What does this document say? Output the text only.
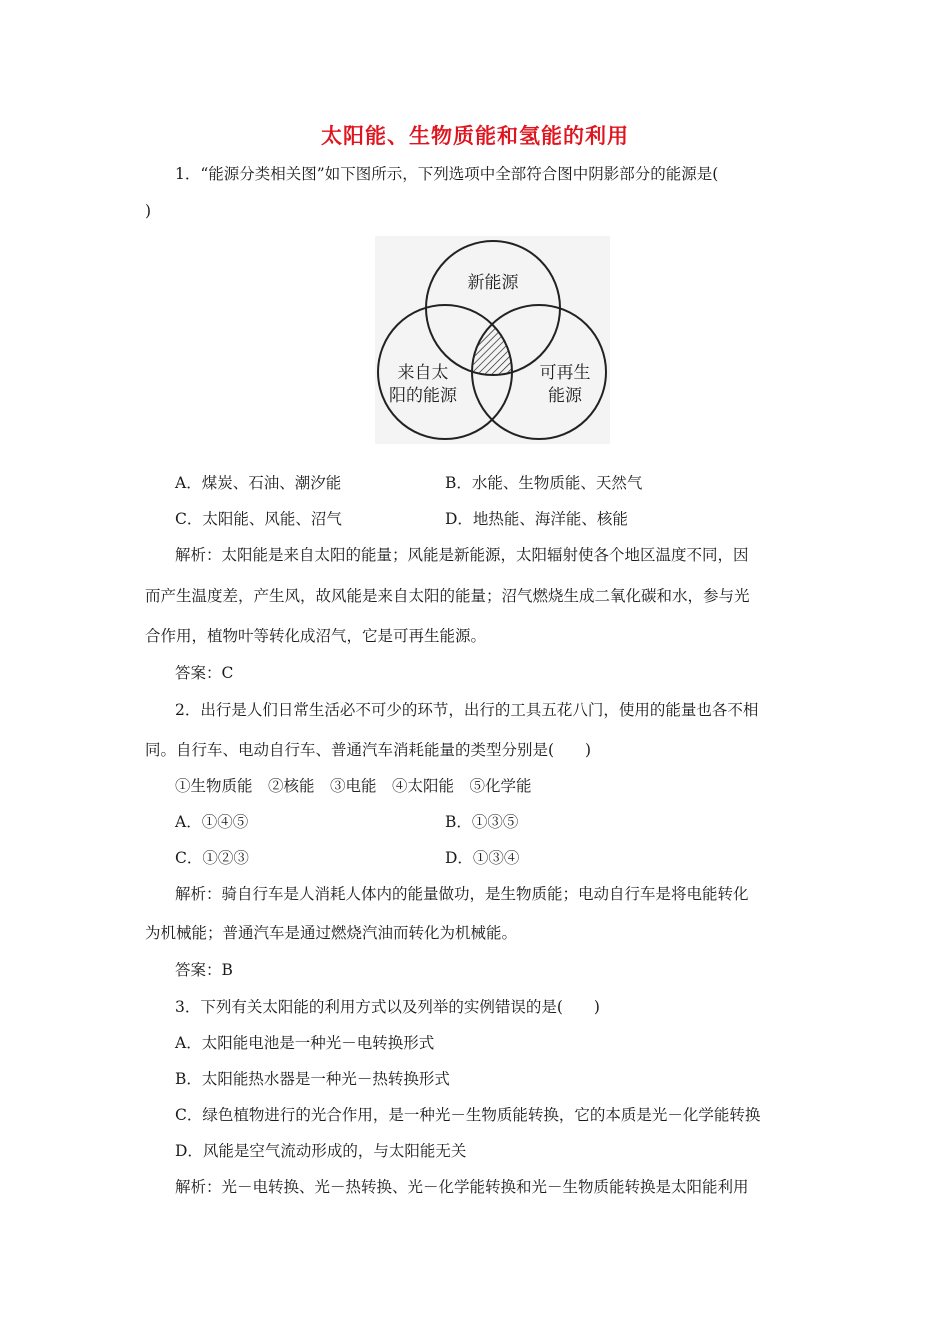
太阳能、生物质能和氢能的利用
1．“能源分类相关图”如下图所示，下列选项中全部符合图中阴影部分的能源是(
)
新能源
来自太
阳的能源
可再生
能源
A．煤炭、石油、潮汐能	B．水能、生物质能、天然气
C．太阳能、风能、沼气	D．地热能、海洋能、核能
解析：太阳能是来自太阳的能量；风能是新能源，太阳辐射使各个地区温度不同，因
而产生温度差，产生风，故风能是来自太阳的能量；沼气燃烧生成二氧化碳和水，参与光
合作用，植物叶等转化成沼气，它是可再生能源。
答案：C
2．出行是人们日常生活必不可少的环节，出行的工具五花八门，使用的能量也各不相
同。自行车、电动自行车、普通汽车消耗能量的类型分别是(　　)
①生物质能　②核能　③电能　④太阳能　⑤化学能
A．①④⑤	B．①③⑤
C．①②③	D．①③④
解析：骑自行车是人消耗人体内的能量做功，是生物质能；电动自行车是将电能转化
为机械能；普通汽车是通过燃烧汽油而转化为机械能。
答案：B
3．下列有关太阳能的利用方式以及列举的实例错误的是(　　)
A．太阳能电池是一种光－电转换形式
B．太阳能热水器是一种光－热转换形式
C．绿色植物进行的光合作用，是一种光－生物质能转换，它的本质是光－化学能转换
D．风能是空气流动形成的，与太阳能无关
解析：光－电转换、光－热转换、光－化学能转换和光－生物质能转换是太阳能利用
